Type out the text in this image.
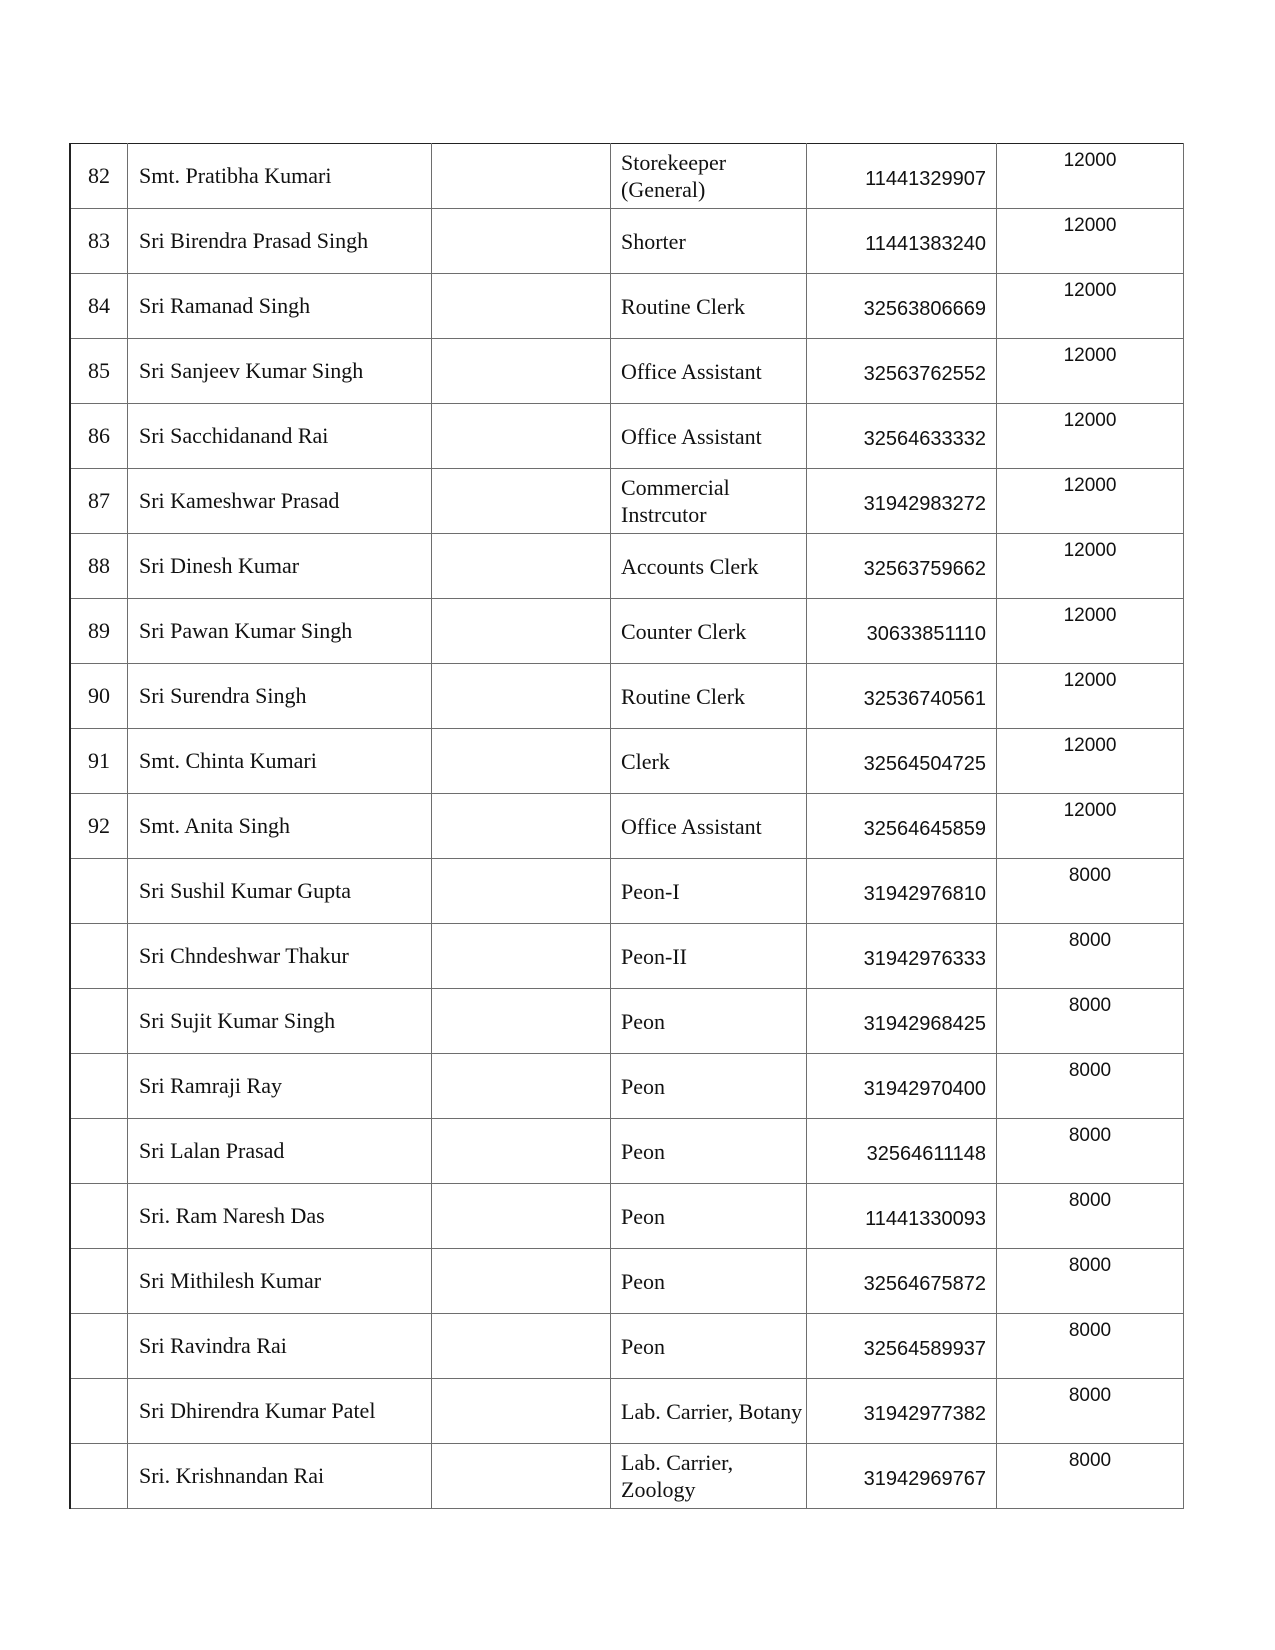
82	Smt. Pratibha Kumari		Storekeeper (General)	11441329907	12000
83	Sri Birendra Prasad Singh		Shorter	11441383240	12000
84	Sri Ramanad Singh		Routine Clerk	32563806669	12000
85	Sri Sanjeev Kumar Singh		Office Assistant	32563762552	12000
86	Sri Sacchidanand Rai		Office Assistant	32564633332	12000
87	Sri Kameshwar Prasad		Commercial Instrcutor	31942983272	12000
88	Sri Dinesh Kumar		Accounts Clerk	32563759662	12000
89	Sri Pawan Kumar Singh		Counter Clerk	30633851110	12000
90	Sri Surendra Singh		Routine Clerk	32536740561	12000
91	Smt. Chinta Kumari		Clerk	32564504725	12000
92	Smt. Anita Singh		Office Assistant	32564645859	12000
	Sri Sushil Kumar Gupta		Peon-I	31942976810	8000
	Sri Chndeshwar Thakur		Peon-II	31942976333	8000
	Sri Sujit Kumar Singh		Peon	31942968425	8000
	Sri Ramraji Ray		Peon	31942970400	8000
	Sri Lalan Prasad		Peon	32564611148	8000
	Sri. Ram Naresh Das		Peon	11441330093	8000
	Sri Mithilesh Kumar		Peon	32564675872	8000
	Sri Ravindra Rai		Peon	32564589937	8000
	Sri Dhirendra Kumar Patel		Lab. Carrier, Botany	31942977382	8000
	Sri. Krishnandan Rai		Lab. Carrier, Zoology	31942969767	8000
